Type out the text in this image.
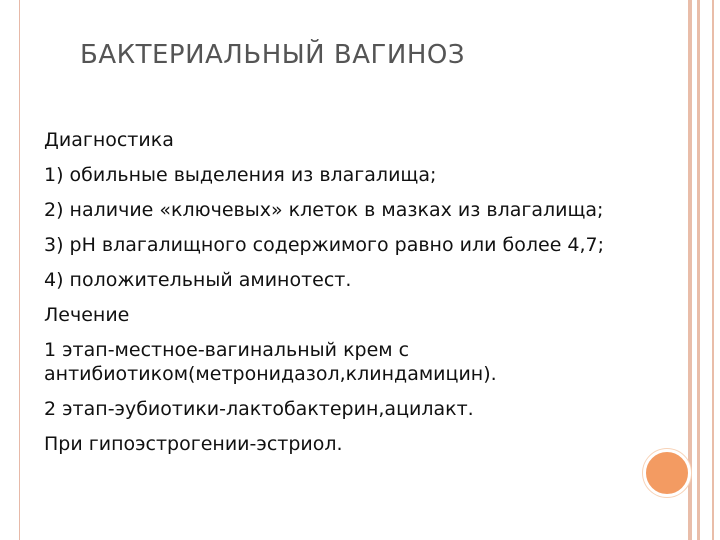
БАКТЕРИАЛЬНЫЙ ВАГИНОЗ

Диагностика

1) обильные выделения из влагалища;

2) наличие «ключевых» клеток в мазках из влагалища;

3) pH влагалищного содержимого равно или более 4,7;

4) положительный аминотест.

Лечение

1 этап-местное-вагинальный крем с антибиотиком(метронидазол,клиндамицин).

2 этап-эубиотики-лактобактерин,ацилакт.

При гипоэстрогении-эстриол.
